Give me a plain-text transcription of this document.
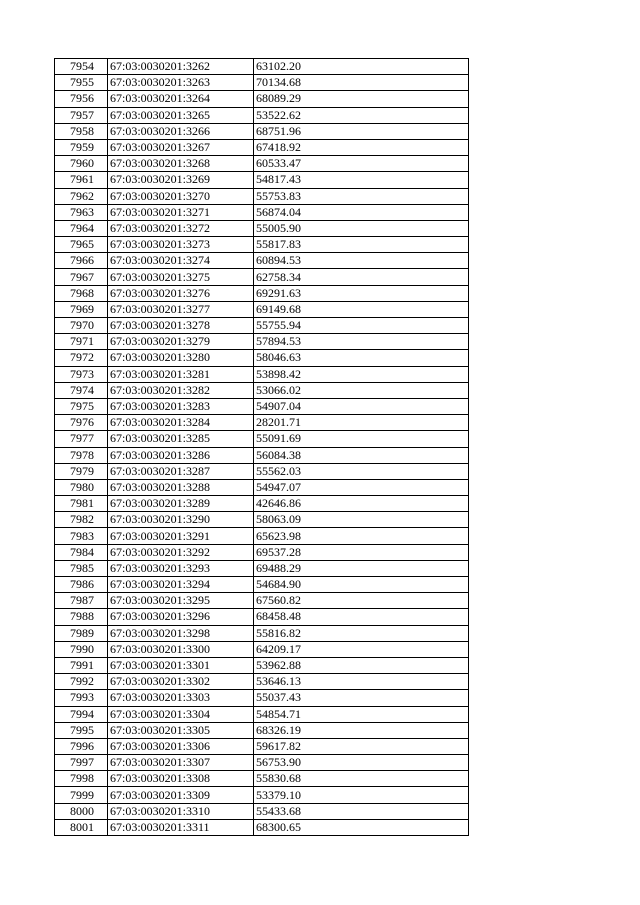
7954	67:03:0030201:3262	63102.20
7955	67:03:0030201:3263	70134.68
7956	67:03:0030201:3264	68089.29
7957	67:03:0030201:3265	53522.62
7958	67:03:0030201:3266	68751.96
7959	67:03:0030201:3267	67418.92
7960	67:03:0030201:3268	60533.47
7961	67:03:0030201:3269	54817.43
7962	67:03:0030201:3270	55753.83
7963	67:03:0030201:3271	56874.04
7964	67:03:0030201:3272	55005.90
7965	67:03:0030201:3273	55817.83
7966	67:03:0030201:3274	60894.53
7967	67:03:0030201:3275	62758.34
7968	67:03:0030201:3276	69291.63
7969	67:03:0030201:3277	69149.68
7970	67:03:0030201:3278	55755.94
7971	67:03:0030201:3279	57894.53
7972	67:03:0030201:3280	58046.63
7973	67:03:0030201:3281	53898.42
7974	67:03:0030201:3282	53066.02
7975	67:03:0030201:3283	54907.04
7976	67:03:0030201:3284	28201.71
7977	67:03:0030201:3285	55091.69
7978	67:03:0030201:3286	56084.38
7979	67:03:0030201:3287	55562.03
7980	67:03:0030201:3288	54947.07
7981	67:03:0030201:3289	42646.86
7982	67:03:0030201:3290	58063.09
7983	67:03:0030201:3291	65623.98
7984	67:03:0030201:3292	69537.28
7985	67:03:0030201:3293	69488.29
7986	67:03:0030201:3294	54684.90
7987	67:03:0030201:3295	67560.82
7988	67:03:0030201:3296	68458.48
7989	67:03:0030201:3298	55816.82
7990	67:03:0030201:3300	64209.17
7991	67:03:0030201:3301	53962.88
7992	67:03:0030201:3302	53646.13
7993	67:03:0030201:3303	55037.43
7994	67:03:0030201:3304	54854.71
7995	67:03:0030201:3305	68326.19
7996	67:03:0030201:3306	59617.82
7997	67:03:0030201:3307	56753.90
7998	67:03:0030201:3308	55830.68
7999	67:03:0030201:3309	53379.10
8000	67:03:0030201:3310	55433.68
8001	67:03:0030201:3311	68300.65
